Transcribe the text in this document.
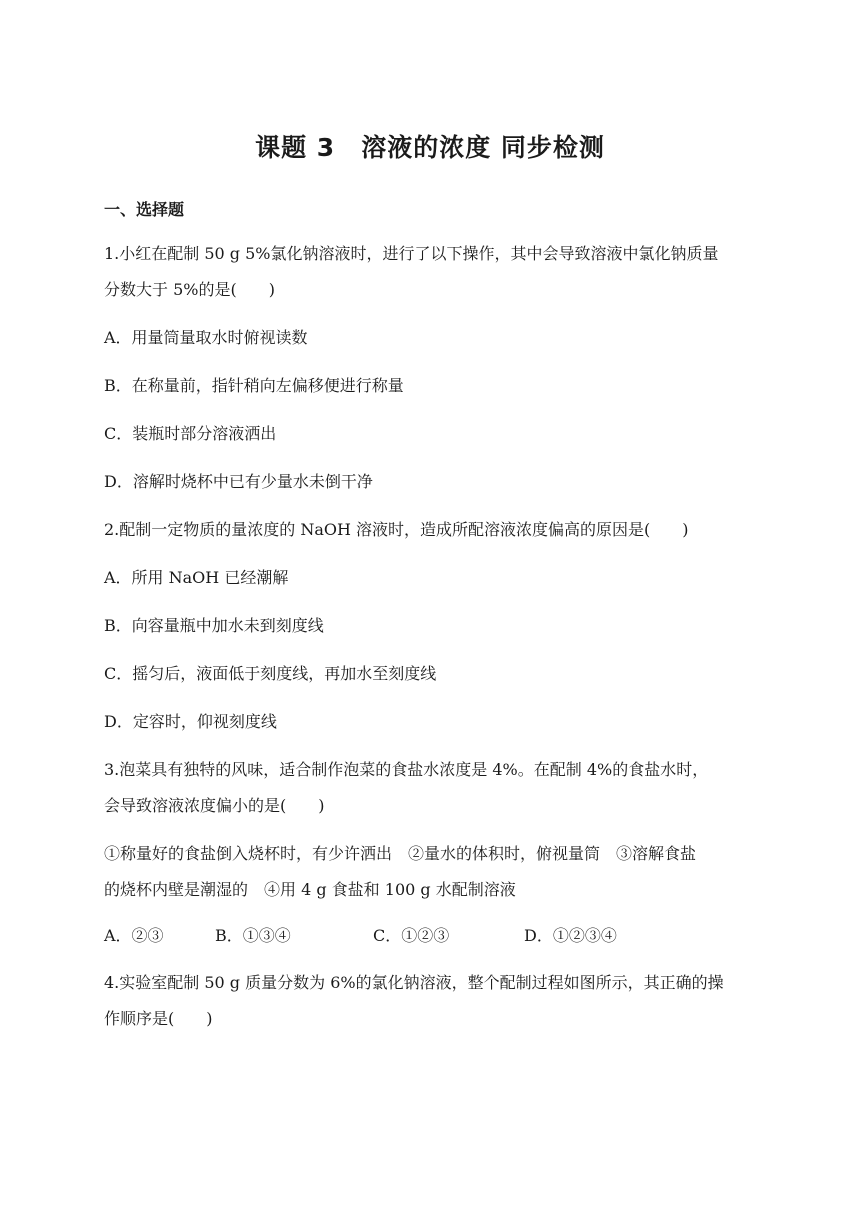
课题 3　溶液的浓度 同步检测
一、选择题
1.小红在配制 50 g 5%氯化钠溶液时，进行了以下操作，其中会导致溶液中氯化钠质量
分数大于 5%的是(　　)
A．用量筒量取水时俯视读数
B．在称量前，指针稍向左偏移便进行称量
C．装瓶时部分溶液洒出
D．溶解时烧杯中已有少量水未倒干净
2.配制一定物质的量浓度的 NaOH 溶液时，造成所配溶液浓度偏高的原因是(　　)
A．所用 NaOH 已经潮解
B．向容量瓶中加水未到刻度线
C．摇匀后，液面低于刻度线，再加水至刻度线
D．定容时，仰视刻度线
3.泡菜具有独特的风味，适合制作泡菜的食盐水浓度是 4%。在配制 4%的食盐水时，
会导致溶液浓度偏小的是(　　)
①称量好的食盐倒入烧杯时，有少许洒出　②量水的体积时，俯视量筒　③溶解食盐
的烧杯内壁是潮湿的　④用 4 g 食盐和 100 g 水配制溶液
A．②③	B．①③④	C．①②③	D．①②③④
4.实验室配制 50 g 质量分数为 6%的氯化钠溶液，整个配制过程如图所示，其正确的操
作顺序是(　　)
